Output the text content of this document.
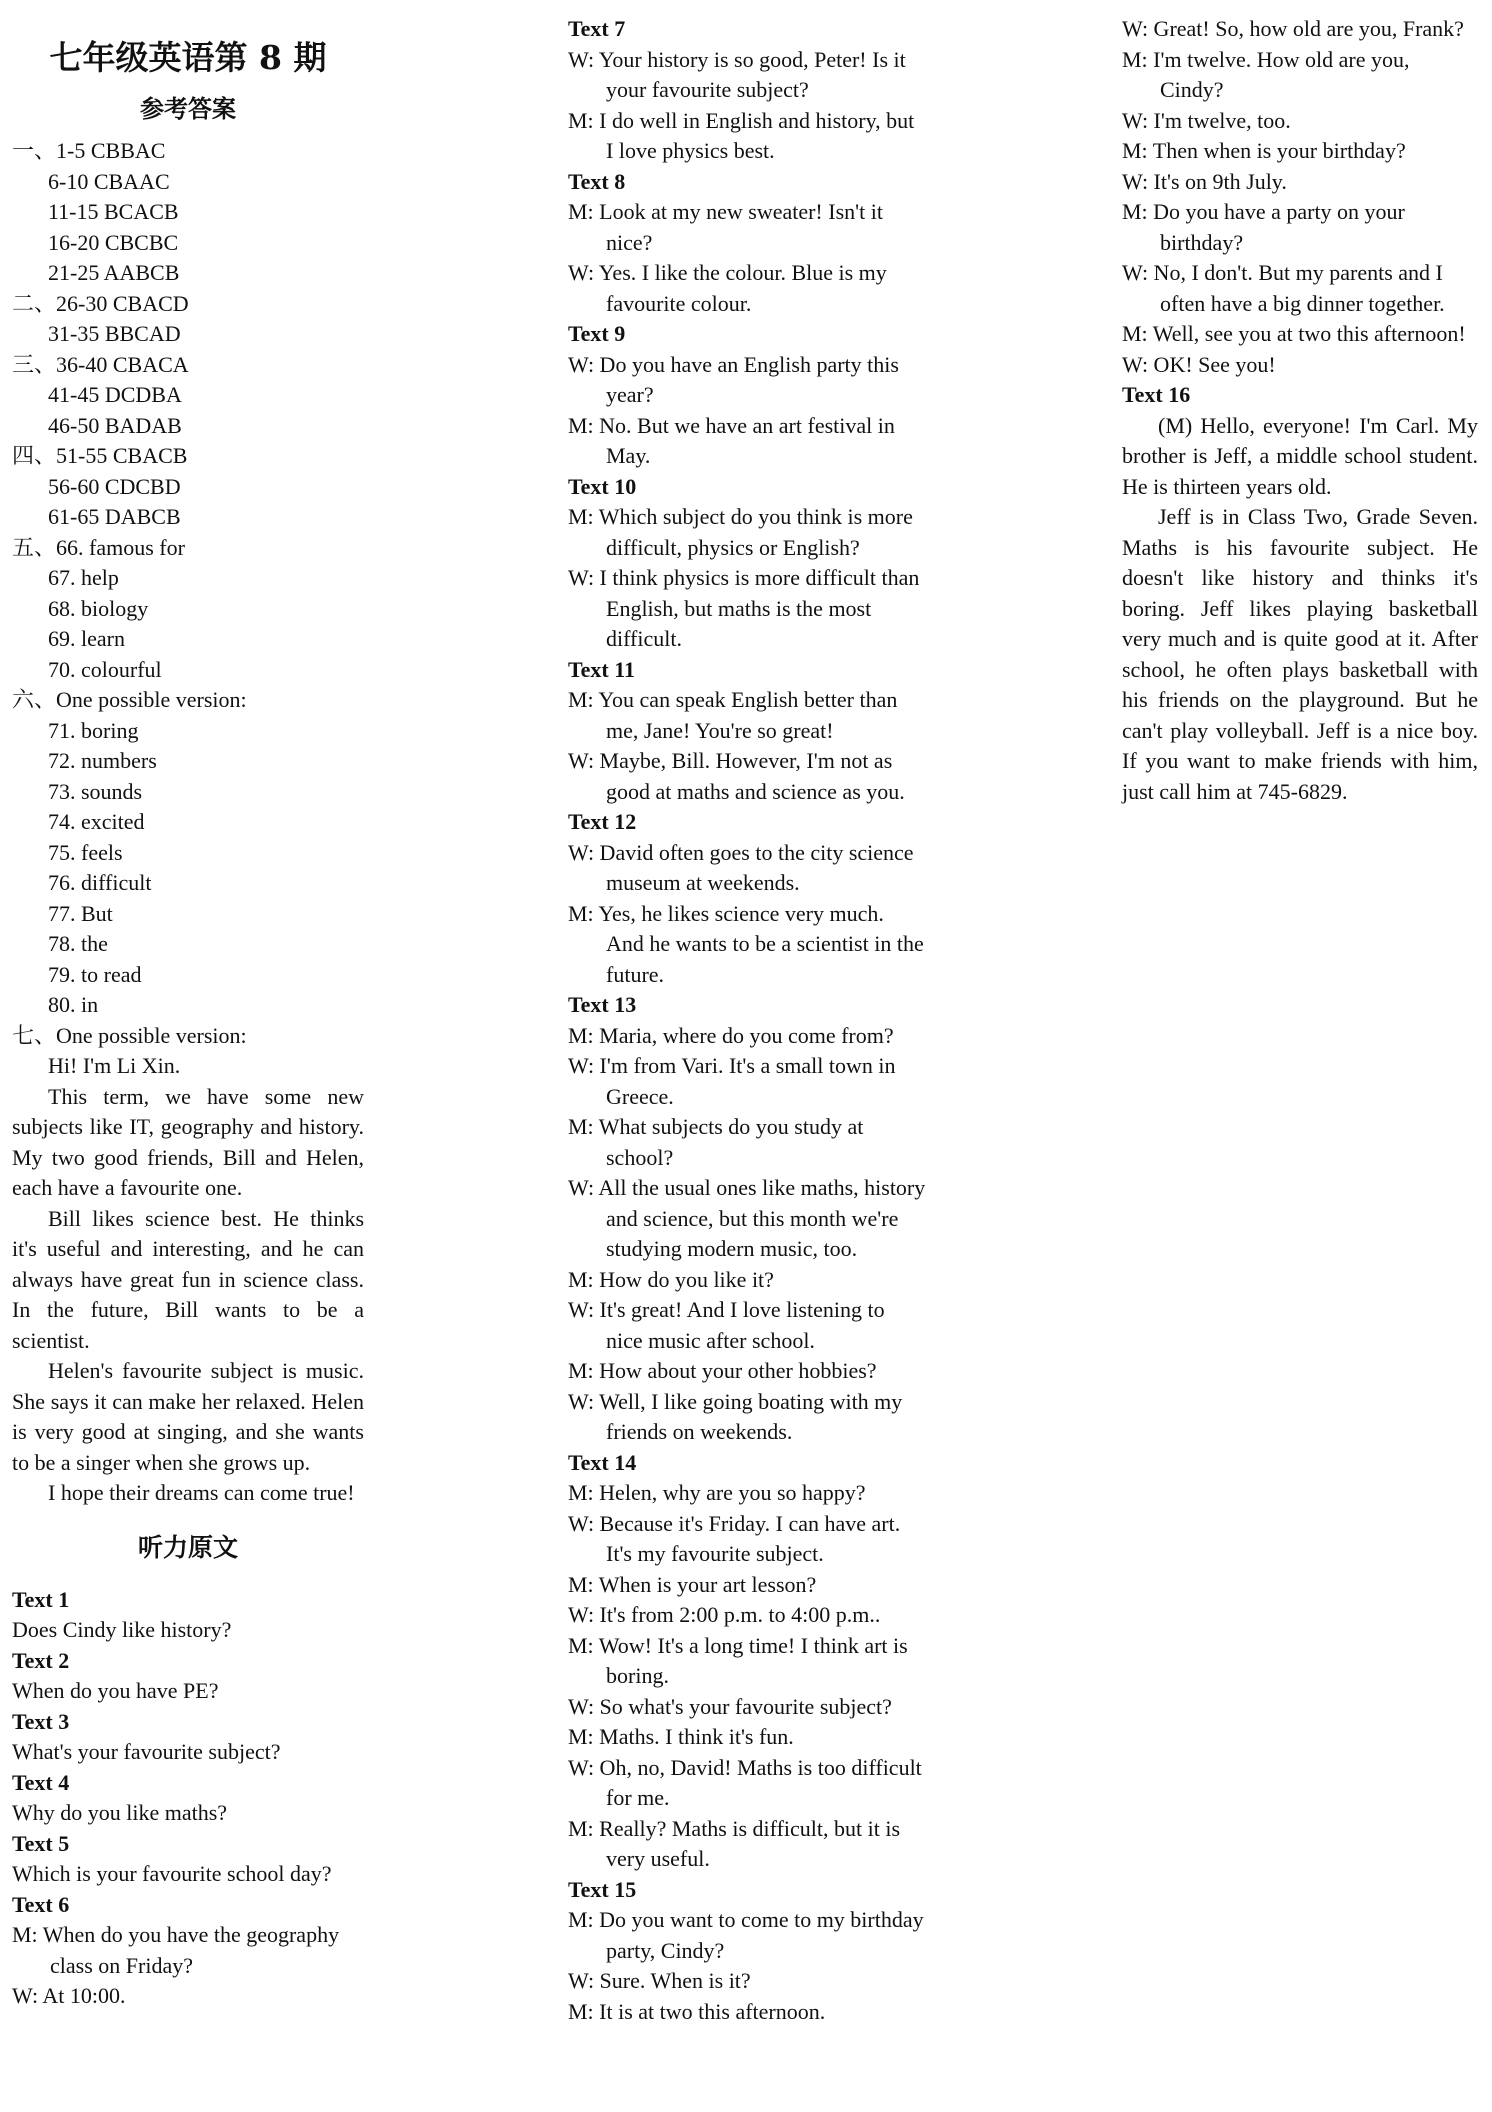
七年级英语第 8 期
参考答案
一、1-5 CBBAC
6-10 CBAAC
11-15 BCACB
16-20 CBCBC
21-25 AABCB
二、26-30 CBACD
31-35 BBCAD
三、36-40 CBACA
41-45 DCDBA
46-50 BADAB
四、51-55 CBACB
56-60 CDCBD
61-65 DABCB
五、66. famous for
67. help
68. biology
69. learn
70. colourful
六、One possible version:
71. boring
72. numbers
73. sounds
74. excited
75. feels
76. difficult
77. But
78. the
79. to read
80. in
七、One possible version:
Hi! I'm Li Xin.
This term, we have some new subjects like IT, geography and history. My two good friends, Bill and Helen, each have a favourite one.
Bill likes science best. He thinks it's useful and interesting, and he can always have great fun in science class. In the future, Bill wants to be a scientist.
Helen's favourite subject is music. She says it can make her relaxed. Helen is very good at singing, and she wants to be a singer when she grows up.
I hope their dreams can come true!
听力原文
Text 1
Does Cindy like history?
Text 2
When do you have PE?
Text 3
What's your favourite subject?
Text 4
Why do you like maths?
Text 5
Which is your favourite school day?
Text 6
M: When do you have the geography class on Friday?
W: At 10:00.
Text 7
W: Your history is so good, Peter! Is it your favourite subject?
M: I do well in English and history, but I love physics best.
Text 8
M: Look at my new sweater! Isn't it nice?
W: Yes. I like the colour. Blue is my favourite colour.
Text 9
W: Do you have an English party this year?
M: No. But we have an art festival in May.
Text 10
M: Which subject do you think is more difficult, physics or English?
W: I think physics is more difficult than English, but maths is the most difficult.
Text 11
M: You can speak English better than me, Jane! You're so great!
W: Maybe, Bill. However, I'm not as good at maths and science as you.
Text 12
W: David often goes to the city science museum at weekends.
M: Yes, he likes science very much. And he wants to be a scientist in the future.
Text 13
M: Maria, where do you come from?
W: I'm from Vari. It's a small town in Greece.
M: What subjects do you study at school?
W: All the usual ones like maths, history and science, but this month we're studying modern music, too.
M: How do you like it?
W: It's great! And I love listening to nice music after school.
M: How about your other hobbies?
W: Well, I like going boating with my friends on weekends.
Text 14
M: Helen, why are you so happy?
W: Because it's Friday. I can have art. It's my favourite subject.
M: When is your art lesson?
W: It's from 2:00 p.m. to 4:00 p.m..
M: Wow! It's a long time! I think art is boring.
W: So what's your favourite subject?
M: Maths. I think it's fun.
W: Oh, no, David! Maths is too difficult for me.
M: Really? Maths is difficult, but it is very useful.
Text 15
M: Do you want to come to my birthday party, Cindy?
W: Sure. When is it?
M: It is at two this afternoon.
W: Great! So, how old are you, Frank?
M: I'm twelve. How old are you, Cindy?
W: I'm twelve, too.
M: Then when is your birthday?
W: It's on 9th July.
M: Do you have a party on your birthday?
W: No, I don't. But my parents and I often have a big dinner together.
M: Well, see you at two this afternoon!
W: OK! See you!
Text 16
(M) Hello, everyone! I'm Carl. My brother is Jeff, a middle school student. He is thirteen years old.
Jeff is in Class Two, Grade Seven. Maths is his favourite subject. He doesn't like history and thinks it's boring. Jeff likes playing basketball very much and is quite good at it. After school, he often plays basketball with his friends on the playground. But he can't play volleyball. Jeff is a nice boy. If you want to make friends with him, just call him at 745-6829.
